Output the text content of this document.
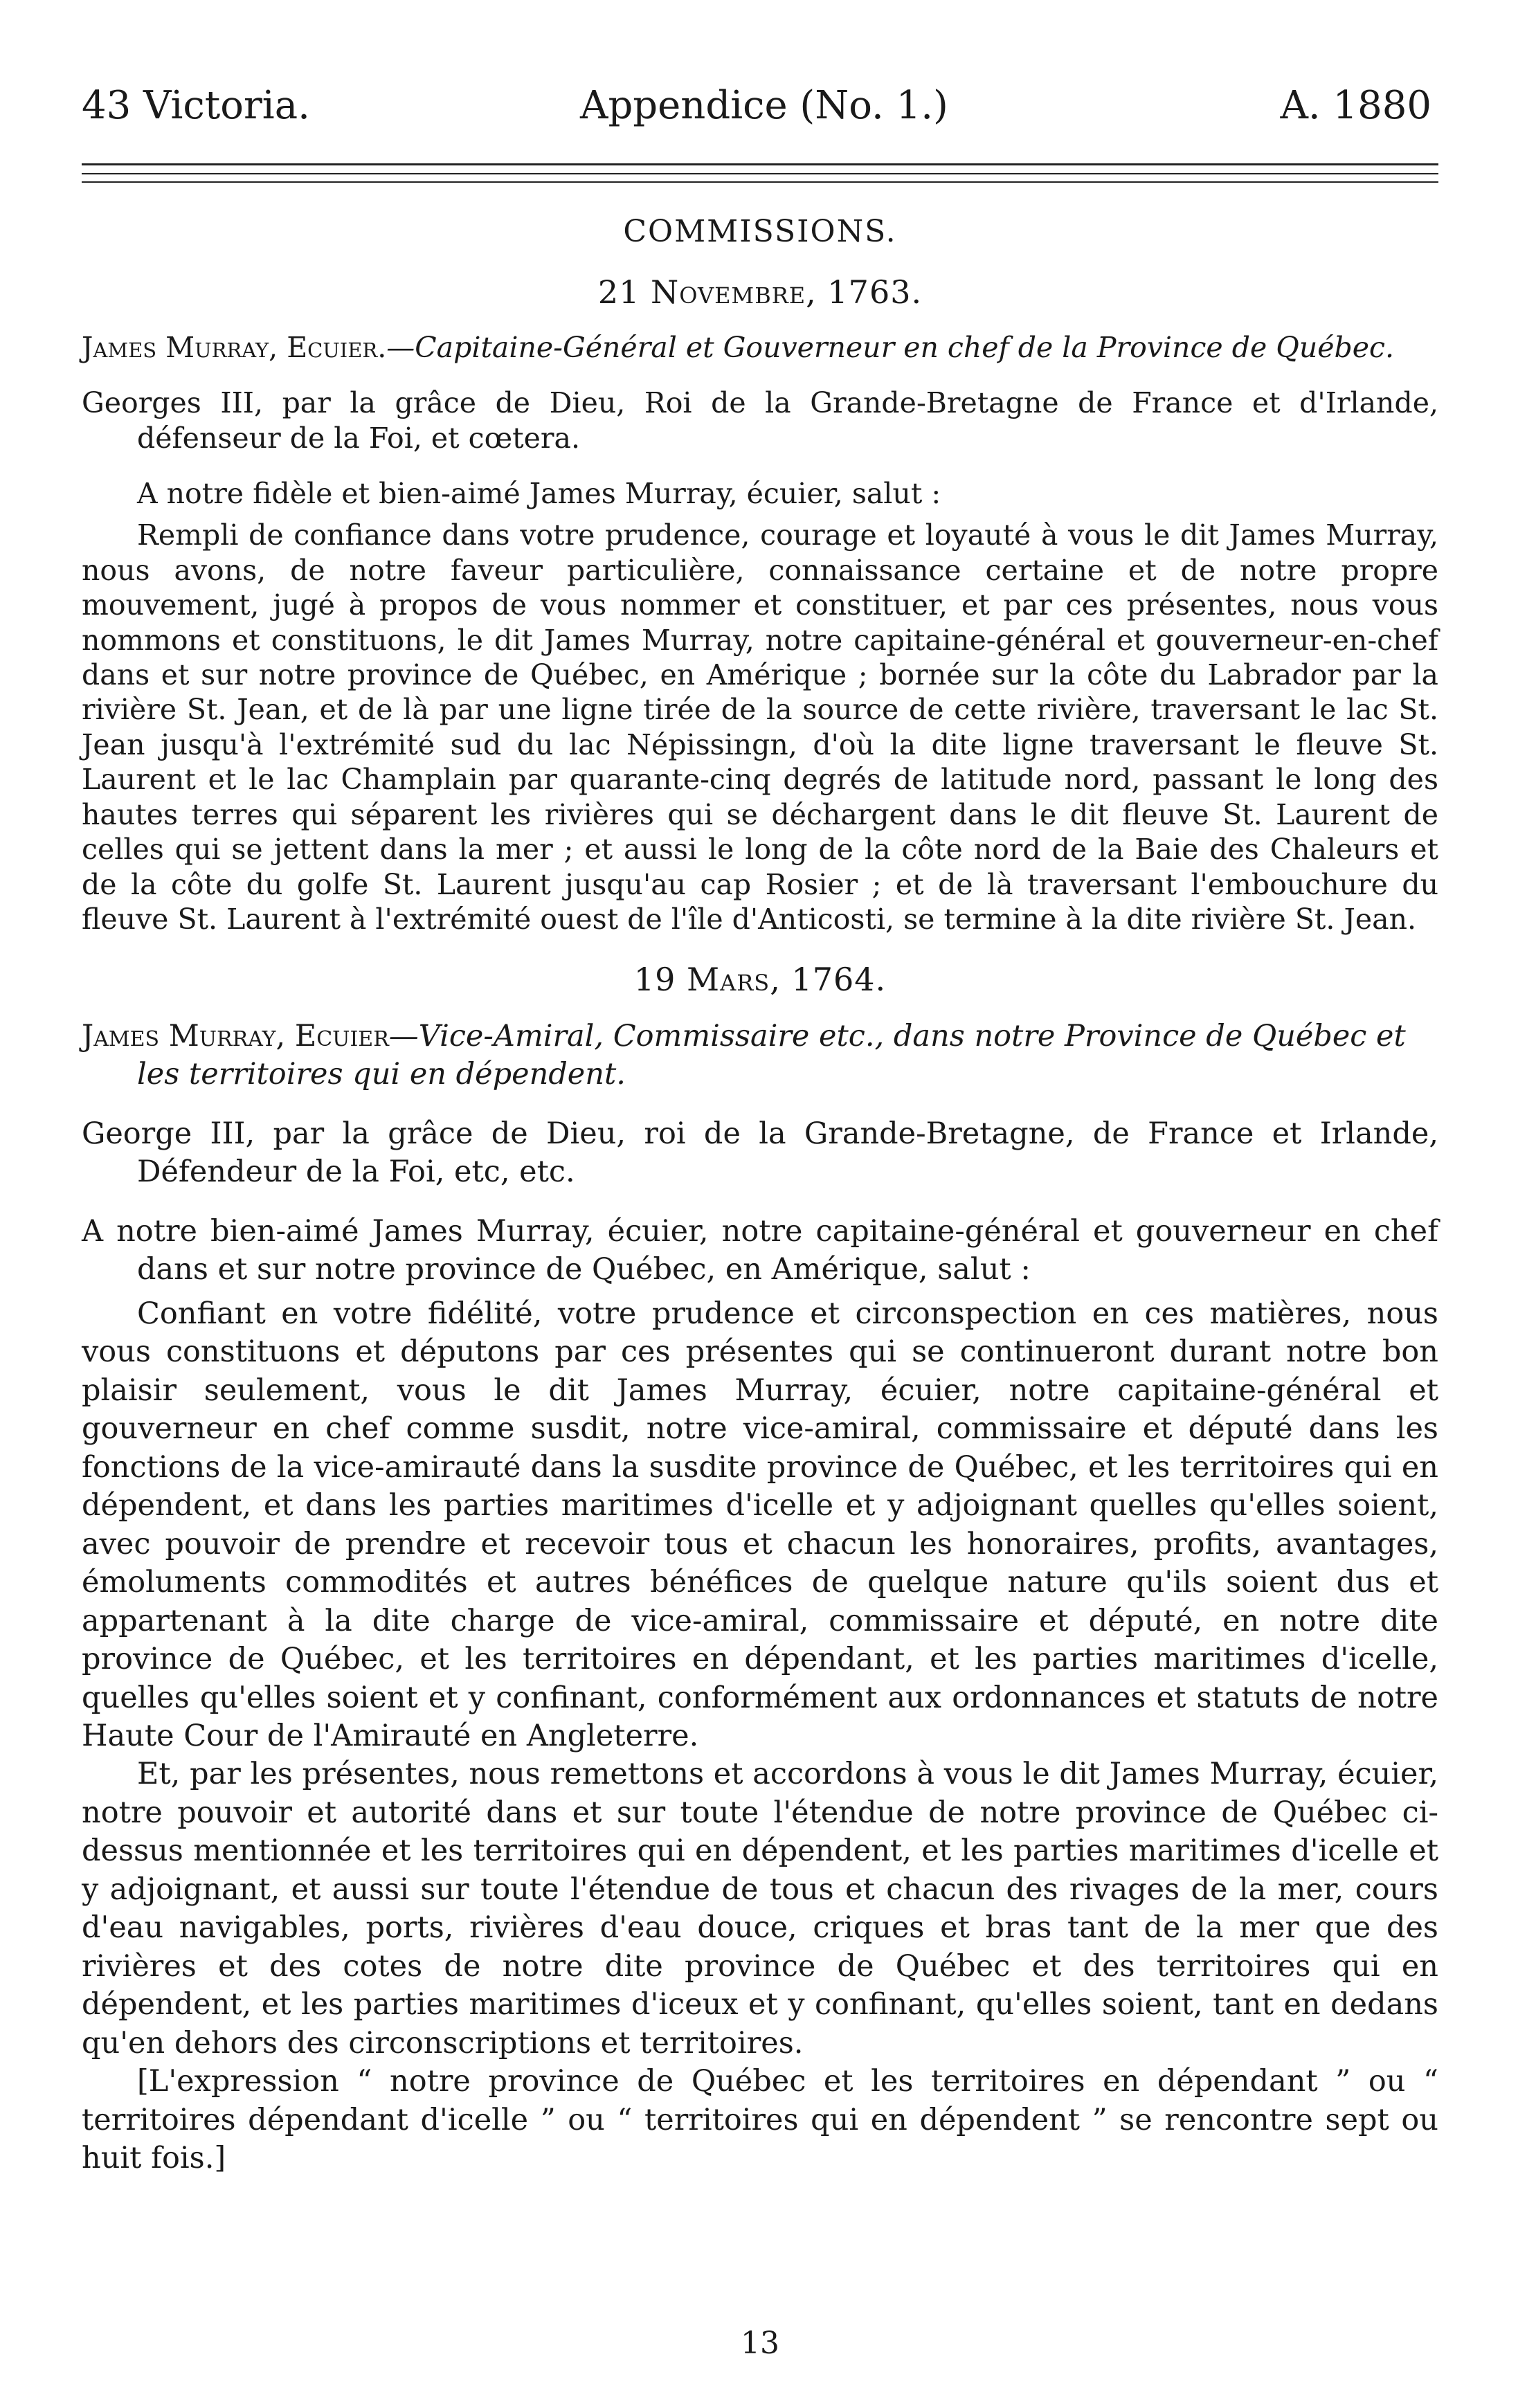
43 Victoria.	Appendice (No. 1.)	A. 1880

COMMISSIONS.

21 Novembre, 1763.

James Murray, Ecuier.—Capitaine-Général et Gouverneur en chef de la Province de Québec.

Georges III, par la grâce de Dieu, Roi de la Grande-Bretagne de France et d'Irlande, défenseur de la Foi, et cœtera.

A notre fidèle et bien-aimé James Murray, écuier, salut :

Rempli de confiance dans votre prudence, courage et loyauté à vous le dit James Murray, nous avons, de notre faveur particulière, connaissance certaine et de notre propre mouvement, jugé à propos de vous nommer et constituer, et par ces présentes, nous vous nommons et constituons, le dit James Murray, notre capitaine-général et gouverneur-en-chef dans et sur notre province de Québec, en Amérique ; bornée sur la côte du Labrador par la rivière St. Jean, et de là par une ligne tirée de la source de cette rivière, traversant le lac St. Jean jusqu'à l'extrémité sud du lac Népissingn, d'où la dite ligne traversant le fleuve St. Laurent et le lac Champlain par quarante-cinq degrés de latitude nord, passant le long des hautes terres qui séparent les rivières qui se déchargent dans le dit fleuve St. Laurent de celles qui se jettent dans la mer ; et aussi le long de la côte nord de la Baie des Chaleurs et de la côte du golfe St. Laurent jusqu'au cap Rosier ; et de là traversant l'embouchure du fleuve St. Laurent à l'extrémité ouest de l'île d'Anticosti, se termine à la dite rivière St. Jean.

19 Mars, 1764.

James Murray, Ecuier—Vice-Amiral, Commissaire etc., dans notre Province de Québec et les territoires qui en dépendent.

George III, par la grâce de Dieu, roi de la Grande-Bretagne, de France et Irlande, Défendeur de la Foi, etc, etc.

A notre bien-aimé James Murray, écuier, notre capitaine-général et gouverneur en chef dans et sur notre province de Québec, en Amérique, salut :

Confiant en votre fidélité, votre prudence et circonspection en ces matières, nous vous constituons et députons par ces présentes qui se continueront durant notre bon plaisir seulement, vous le dit James Murray, écuier, notre capitaine-général et gouverneur en chef comme susdit, notre vice-amiral, commissaire et député dans les fonctions de la vice-amirauté dans la susdite province de Québec, et les territoires qui en dépendent, et dans les parties maritimes d'icelle et y adjoignant quelles qu'elles soient, avec pouvoir de prendre et recevoir tous et chacun les honoraires, profits, avantages, émoluments commodités et autres bénéfices de quelque nature qu'ils soient dus et appartenant à la dite charge de vice-amiral, commissaire et député, en notre dite province de Québec, et les territoires en dépendant, et les parties maritimes d'icelle, quelles qu'elles soient et y confinant, conformément aux ordonnances et statuts de notre Haute Cour de l'Amirauté en Angleterre.

Et, par les présentes, nous remettons et accordons à vous le dit James Murray, écuier, notre pouvoir et autorité dans et sur toute l'étendue de notre province de Québec ci-dessus mentionnée et les territoires qui en dépendent, et les parties maritimes d'icelle et y adjoignant, et aussi sur toute l'étendue de tous et chacun des rivages de la mer, cours d'eau navigables, ports, rivières d'eau douce, criques et bras tant de la mer que des rivières et des cotes de notre dite province de Québec et des territoires qui en dépendent, et les parties maritimes d'iceux et y confinant, qu'elles soient, tant en dedans qu'en dehors des circonscriptions et territoires.

[L'expression “ notre province de Québec et les territoires en dépendant ” ou “ territoires dépendant d'icelle ” ou “ territoires qui en dépendent ” se rencontre sept ou huit fois.]

13
